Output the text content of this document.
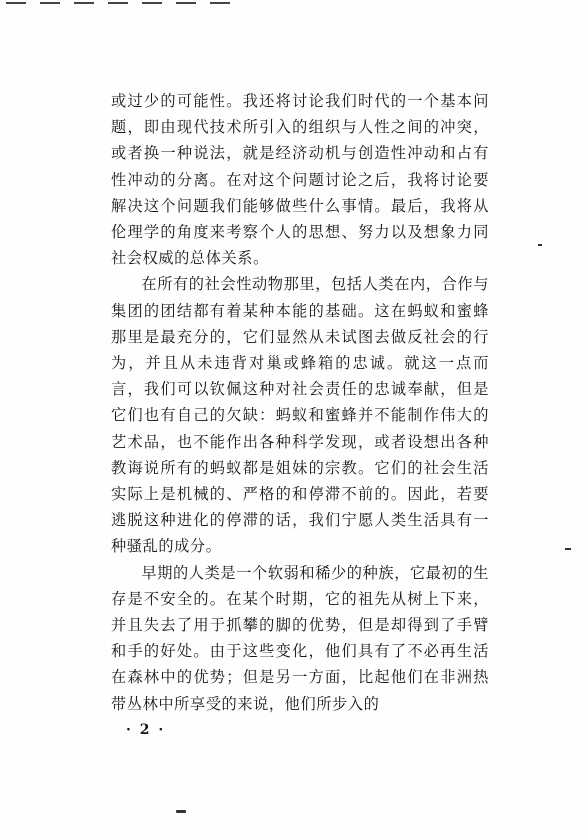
或过少的可能性。我还将讨论我们时代的一个基本问题，即由现代技术所引入的组织与人性之间的冲突，或者换一种说法，就是经济动机与创造性冲动和占有性冲动的分离。在对这个问题讨论之后，我将讨论要解决这个问题我们能够做些什么事情。最后，我将从伦理学的角度来考察个人的思想、努力以及想象力同社会权威的总体关系。

在所有的社会性动物那里，包括人类在内，合作与集团的团结都有着某种本能的基础。这在蚂蚁和蜜蜂那里是最充分的，它们显然从未试图去做反社会的行为，并且从未违背对巢或蜂箱的忠诚。就这一点而言，我们可以钦佩这种对社会责任的忠诚奉献，但是它们也有自己的欠缺：蚂蚁和蜜蜂并不能制作伟大的艺术品，也不能作出各种科学发现，或者设想出各种教诲说所有的蚂蚁都是姐妹的宗教。它们的社会生活实际上是机械的、严格的和停滞不前的。因此，若要逃脱这种进化的停滞的话，我们宁愿人类生活具有一种骚乱的成分。

早期的人类是一个软弱和稀少的种族，它最初的生存是不安全的。在某个时期，它的祖先从树上下来，并且失去了用于抓攀的脚的优势，但是却得到了手臂和手的好处。由于这些变化，他们具有了不必再生活在森林中的优势；但是另一方面，比起他们在非洲热带丛林中所享受的来说，他们所步入的

· 2 ·
